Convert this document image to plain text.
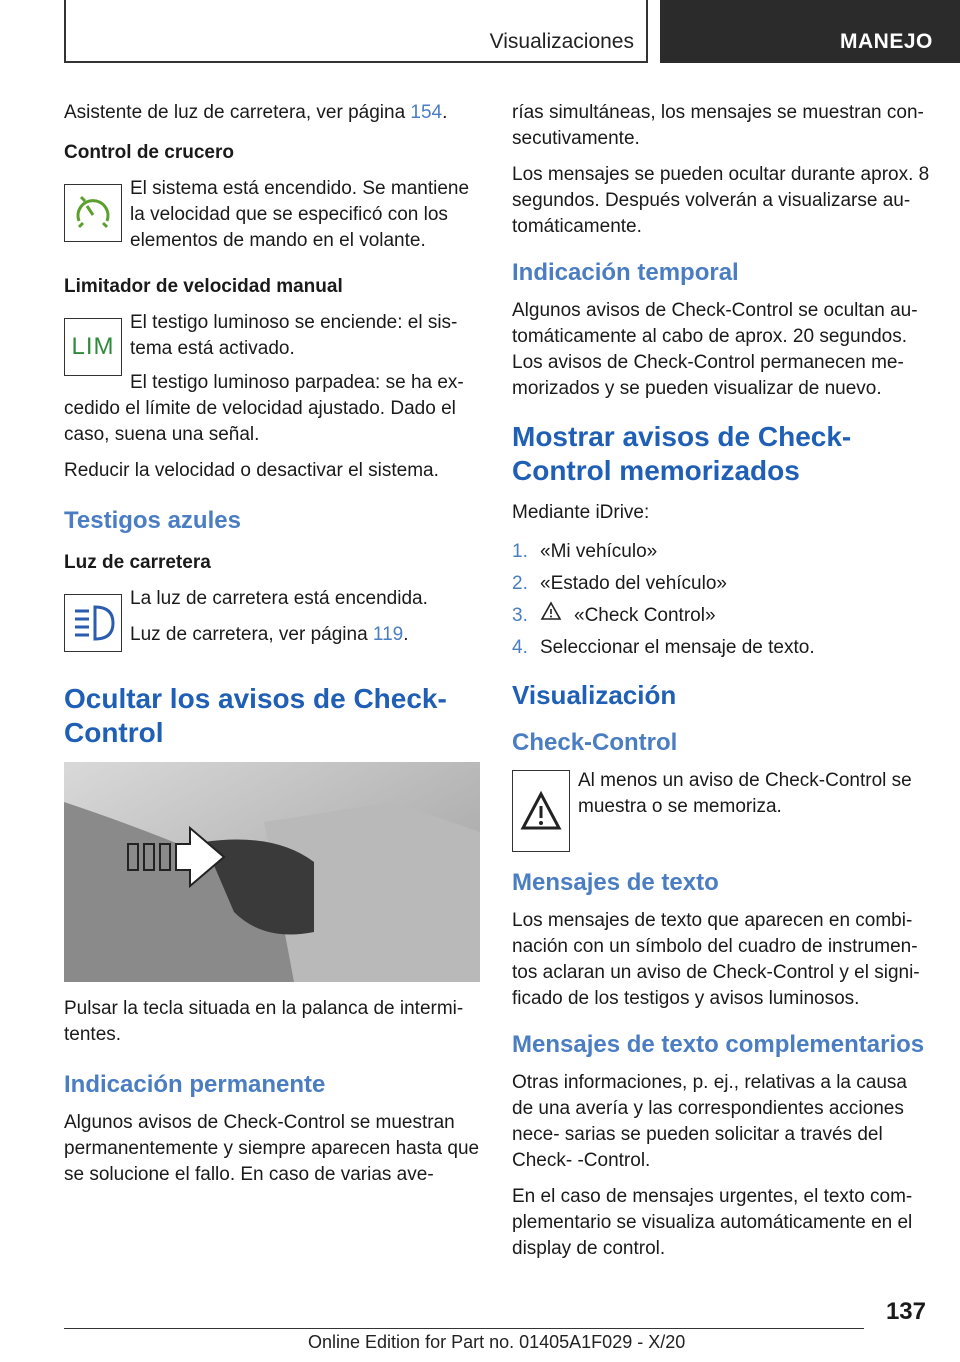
Visualizaciones	MANEJO

Asistente de luz de carretera, ver página 154.

Control de crucero

El sistema está encendido. Se mantiene la velocidad que se especificó con los elementos de mando en el volante.

Limitador de velocidad manual
LIM

El testigo luminoso se enciende: el sis- tema está activado.

El testigo luminoso parpadea: se ha ex- cedido el límite de velocidad ajustado. Dado el caso, suena una señal.

Reducir la velocidad o desactivar el sistema.

Testigos azules
Luz de carretera

La luz de carretera está encendida.

Luz de carretera, ver página 119.

Ocultar los avisos de Check-Control

Pulsar la tecla situada en la palanca de intermi- tentes.

Indicación permanente

Algunos avisos de Check-Control se muestran permanentemente y siempre aparecen hasta que se solucione el fallo. En caso de varias ave-

rías simultáneas, los mensajes se muestran con- secutivamente.

Los mensajes se pueden ocultar durante aprox. 8 segundos. Después volverán a visualizarse au- tomáticamente.

Indicación temporal

Algunos avisos de Check-Control se ocultan au- tomáticamente al cabo de aprox. 20 segundos. Los avisos de Check-Control permanecen me- morizados y se pueden visualizar de nuevo.

Mostrar avisos de Check-Control memorizados

Mediante iDrive:

1. «Mi vehículo»
2. «Estado del vehículo»
3.	«Check Control»
4. Seleccionar el mensaje de texto.
Visualización
Check-Control

Al menos un aviso de Check-Control se muestra o se memoriza.

Mensajes de texto

Los mensajes de texto que aparecen en combi- nación con un símbolo del cuadro de instrumen- tos aclaran un aviso de Check-Control y el signi- ficado de los testigos y avisos luminosos.

Mensajes de texto complementarios

Otras informaciones, p. ej., relativas a la causa de una avería y las correspondientes acciones nece- sarias se pueden solicitar a través del Check- -Control.

En el caso de mensajes urgentes, el texto com- plementario se visualiza automáticamente en el display de control.

137
Online Edition for Part no. 01405A1F029 - X/20
